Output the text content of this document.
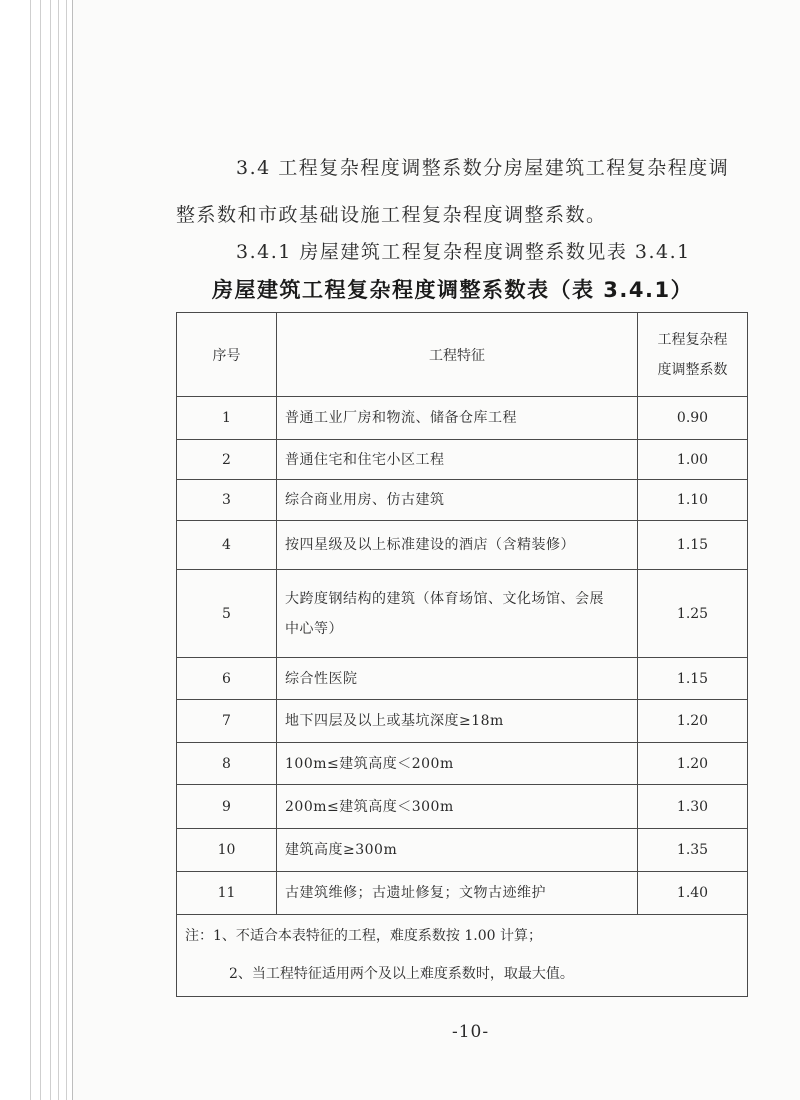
3.4 工程复杂程度调整系数分房屋建筑工程复杂程度调
整系数和市政基础设施工程复杂程度调整系数。
3.4.1 房屋建筑工程复杂程度调整系数见表 3.4.1
房屋建筑工程复杂程度调整系数表（表 3.4.1）
序号	工程特征	工程复杂程
度调整系数
1	普通工业厂房和物流、储备仓库工程	0.90
2	普通住宅和住宅小区工程	1.00
3	综合商业用房、仿古建筑	1.10
4	按四星级及以上标准建设的酒店（含精装修）	1.15
5	大跨度钢结构的建筑（体育场馆、文化场馆、会展
中心等）	1.25
6	综合性医院	1.15
7	地下四层及以上或基坑深度≥18m	1.20
8	100m≤建筑高度＜200m	1.20
9	200m≤建筑高度＜300m	1.30
10	建筑高度≥300m	1.35
11	古建筑维修；古遗址修复；文物古迹维护	1.40

注：1、不适合本表特征的工程，难度系数按 1.00 计算；
2、当工程特征适用两个及以上难度系数时，取最大值。		
-10-
